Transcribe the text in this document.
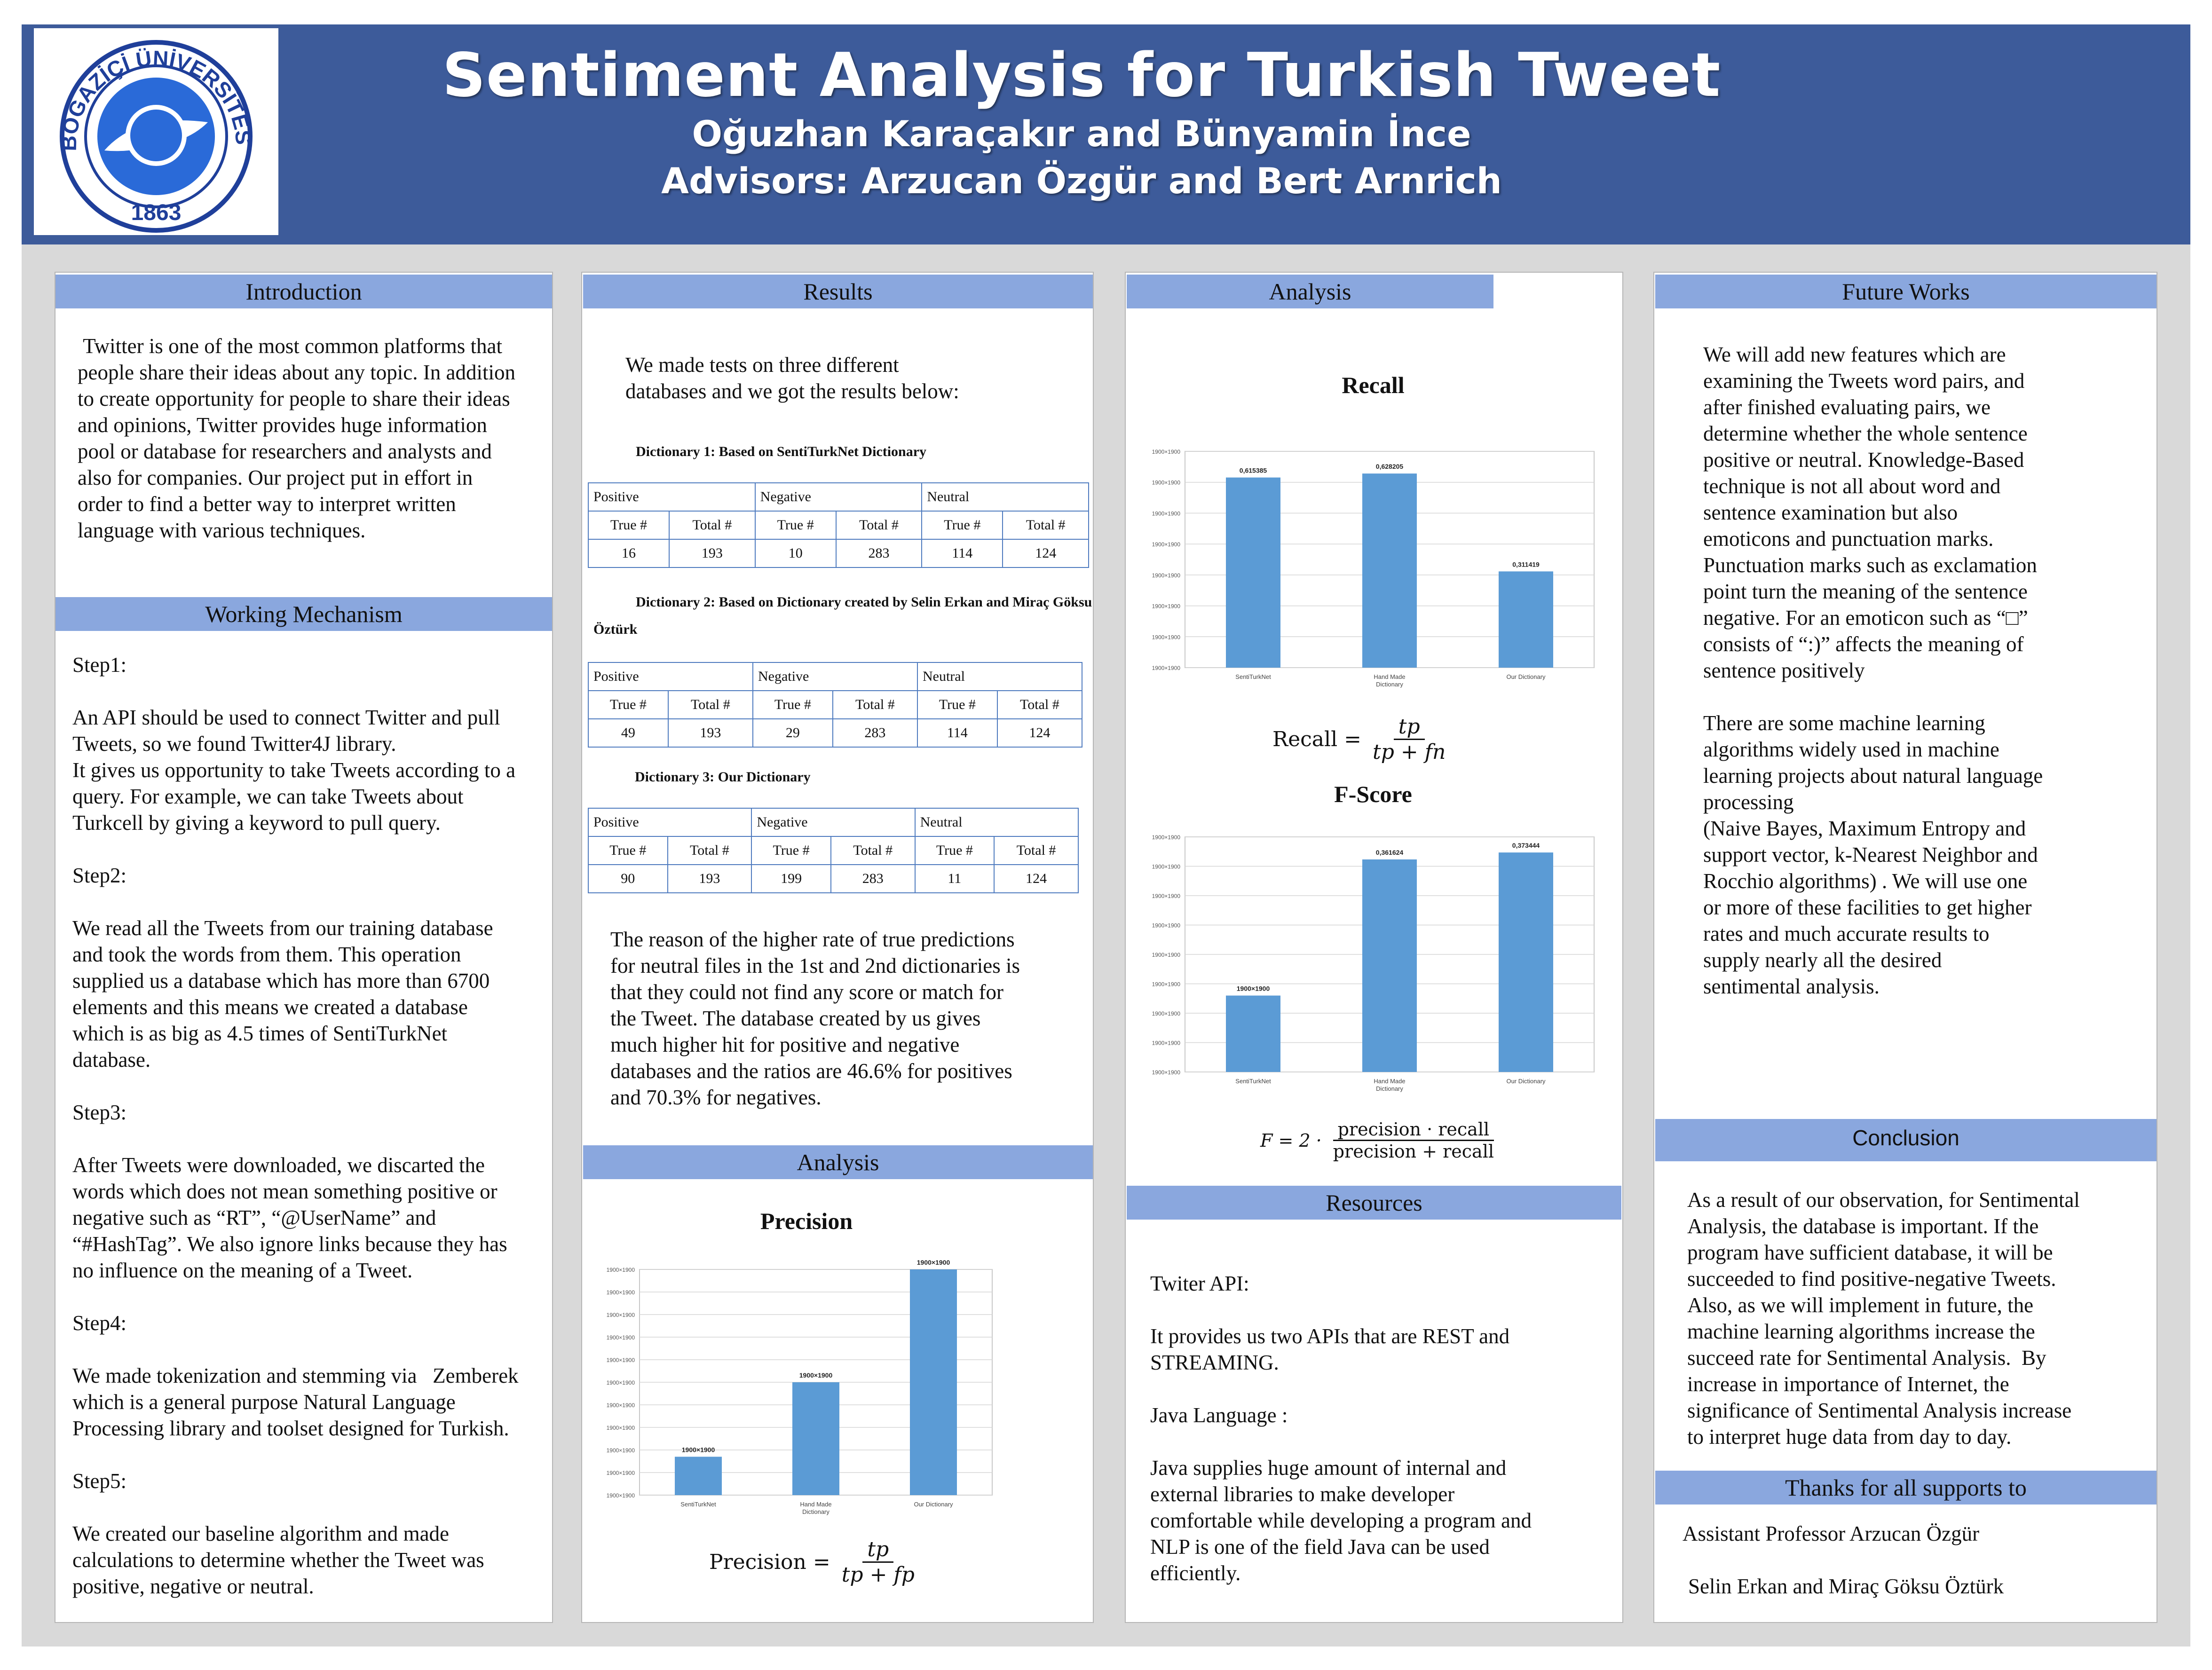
BOĞAZİÇİ ÜNİVERSİTES
1863
Sentiment Analysis for Turkish Tweet
Oğuzhan Karaçakır and Bünyamin İnce
Advisors: Arzucan Özgür and Bert Arnrich
Introduction
Twitter is one of the most common platforms that
people share their ideas about any topic. In addition
to create opportunity for people to share their ideas
and opinions, Twitter provides huge information
pool or database for researchers and analysts and
also for companies. Our project put in effort in
order to find a better way to interpret written
language with various techniques.
Working Mechanism
Step1:

An API should be used to connect Twitter and pull
Tweets, so we found Twitter4J library.
It gives us opportunity to take Tweets according to a
query. For example, we can take Tweets about
Turkcell by giving a keyword to pull query.

Step2:

We read all the Tweets from our training database
and took the words from them. This operation
supplied us a database which has more than 6700
elements and this means we created a database
which is as big as 4.5 times of SentiTurkNet
database.

Step3:

After Tweets were downloaded, we discarted the
words which does not mean something positive or
negative such as “RT”, “@UserName” and
“#HashTag”. We also ignore links because they has
no influence on the meaning of a Tweet.

Step4:

We made tokenization and stemming via   Zemberek
which is a general purpose Natural Language
Processing library and toolset designed for Turkish.

Step5:

We created our baseline algorithm and made
calculations to determine whether the Tweet was
positive, negative or neutral.
Results
We made tests on three different
databases and we got the results below:
Dictionary 1: Based on SentiTurkNet Dictionary
Positive		Negative		Neutral	
True #	Total #	True #	Total #	True #	Total #
16	193	10	283	114	124
Dictionary 2: Based on Dictionary created by Selin Erkan and Miraç Göksu
Öztürk
Positive		Negative		Neutral	
True #	Total #	True #	Total #	True #	Total #
49	193	29	283	114	124
Dictionary 3: Our Dictionary
Positive		Negative		Neutral	
True #	Total #	True #	Total #	True #	Total #
90	193	199	283	11	124
The reason of the higher rate of true predictions
for neutral files in the 1st and 2nd dictionaries is
that they could not find any score or match for
the Tweet. The database created by us gives
much higher hit for positive and negative
databases and the ratios are 46.6% for positives
and 70.3% for negatives.
Analysis
Precision
1900×1900
1900×1900
1900×1900
1900×1900
1900×1900
1900×1900
1900×1900
1900×1900
1900×1900
1900×1900
1900×1900
1900×1900
SentiTurkNet
1900×1900
Hand Made
Dictionary
1900×1900
Our Dictionary
Precision = $\frac{tp}{tp + fp}$
Analysis
Recall
1900×1900
1900×1900
1900×1900
1900×1900
1900×1900
1900×1900
1900×1900
1900×1900
0,615385
SentiTurkNet
0,628205
Hand Made
Dictionary
0,311419
Our Dictionary
Recall = $\frac{tp}{tp + fn}$
F-Score
1900×1900
1900×1900
1900×1900
1900×1900
1900×1900
1900×1900
1900×1900
1900×1900
1900×1900
1900×1900
SentiTurkNet
0,361624
Hand Made
Dictionary
0,373444
Our Dictionary
$F = 2 \cdot \frac{\text{precision · recall}}{\text{precision + recall}}$
Resources
Twiter API:

It provides us two APIs that are REST and
STREAMING.

Java Language :

Java supplies huge amount of internal and
external libraries to make developer
comfortable while developing a program and
NLP is one of the field Java can be used
efficiently.
Future Works
We will add new features which are
examining the Tweets word pairs, and
after finished evaluating pairs, we
determine whether the whole sentence
positive or neutral. Knowledge-Based
technique is not all about word and
sentence examination but also
emoticons and punctuation marks.
Punctuation marks such as exclamation
point turn the meaning of the sentence
negative. For an emoticon such as “□”
consists of “:)” affects the meaning of
sentence positively

There are some machine learning
algorithms widely used in machine
learning projects about natural language
processing
(Naive Bayes, Maximum Entropy and
support vector, k-Nearest Neighbor and
Rocchio algorithms) . We will use one
or more of these facilities to get higher
rates and much accurate results to
supply nearly all the desired
sentimental analysis.
Conclusion
As a result of our observation, for Sentimental
Analysis, the database is important. If the
program have sufficient database, it will be
succeeded to find positive-negative Tweets.
Also, as we will implement in future, the
machine learning algorithms increase the
succeed rate for Sentimental Analysis.  By
increase in importance of Internet, the
significance of Sentimental Analysis increase
to interpret huge data from day to day.
Thanks for all supports to
Assistant Professor Arzucan Özgür
Selin Erkan and Miraç Göksu Öztürk
